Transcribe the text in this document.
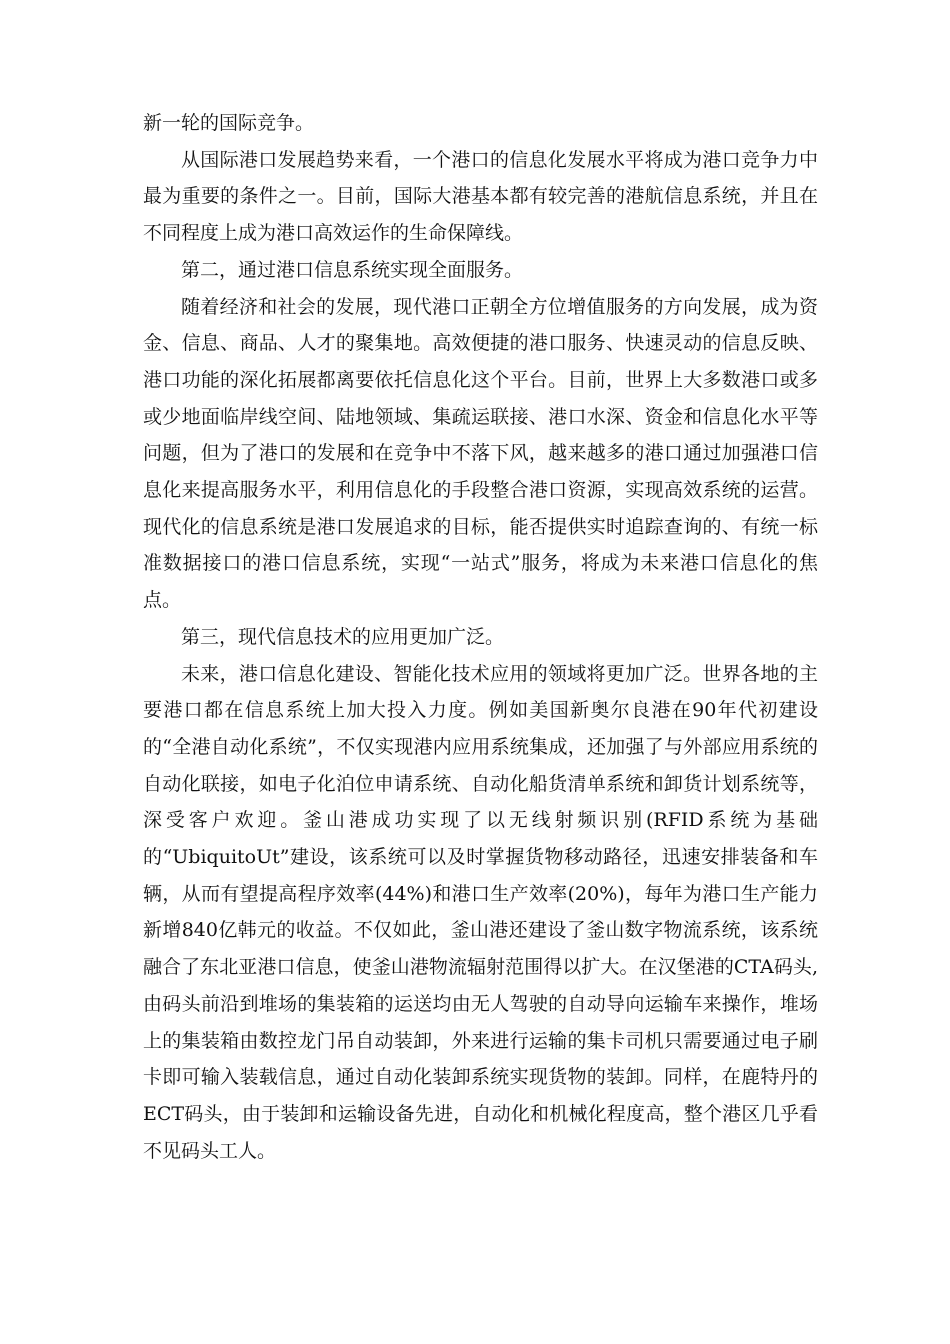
新一轮的国际竞争。

从国际港口发展趋势来看，一个港口的信息化发展水平将成为港口竞争力中最为重要的条件之一。目前，国际大港基本都有较完善的港航信息系统，并且在不同程度上成为港口高效运作的生命保障线。

第二，通过港口信息系统实现全面服务。

随着经济和社会的发展，现代港口正朝全方位增值服务的方向发展，成为资金、信息、商品、人才的聚集地。高效便捷的港口服务、快速灵动的信息反映、港口功能的深化拓展都离要依托信息化这个平台。目前，世界上大多数港口或多或少地面临岸线空间、陆地领域、集疏运联接、港口水深、资金和信息化水平等问题，但为了港口的发展和在竞争中不落下风，越来越多的港口通过加强港口信息化来提高服务水平，利用信息化的手段整合港口资源，实现高效系统的运营。现代化的信息系统是港口发展追求的目标，能否提供实时追踪查询的、有统一标准数据接口的港口信息系统，实现“一站式”服务，将成为未来港口信息化的焦点。

第三，现代信息技术的应用更加广泛。

未来，港口信息化建设、智能化技术应用的领域将更加广泛。世界各地的主要港口都在信息系统上加大投入力度。例如美国新奥尔良港在90年代初建设的“全港自动化系统”，不仅实现港内应用系统集成，还加强了与外部应用系统的自动化联接，如电子化泊位申请系统、自动化船货清单系统和卸货计划系统等，深受客户欢迎。釜山港成功实现了以无线射频识别(RFID系统为基础的“UbiquitoUt”建设，该系统可以及时掌握货物移动路径，迅速安排装备和车辆，从而有望提高程序效率(44%)和港口生产效率(20%)，每年为港口生产能力新增840亿韩元的收益。不仅如此，釜山港还建设了釜山数字物流系统，该系统融合了东北亚港口信息，使釜山港物流辐射范围得以扩大。在汉堡港的CTA码头,由码头前沿到堆场的集装箱的运送均由无人驾驶的自动导向运输车来操作，堆场上的集装箱由数控龙门吊自动装卸，外来进行运输的集卡司机只需要通过电子刷卡即可输入装载信息，通过自动化装卸系统实现货物的装卸。同样，在鹿特丹的ECT码头，由于装卸和运输设备先进，自动化和机械化程度高，整个港区几乎看不见码头工人。
